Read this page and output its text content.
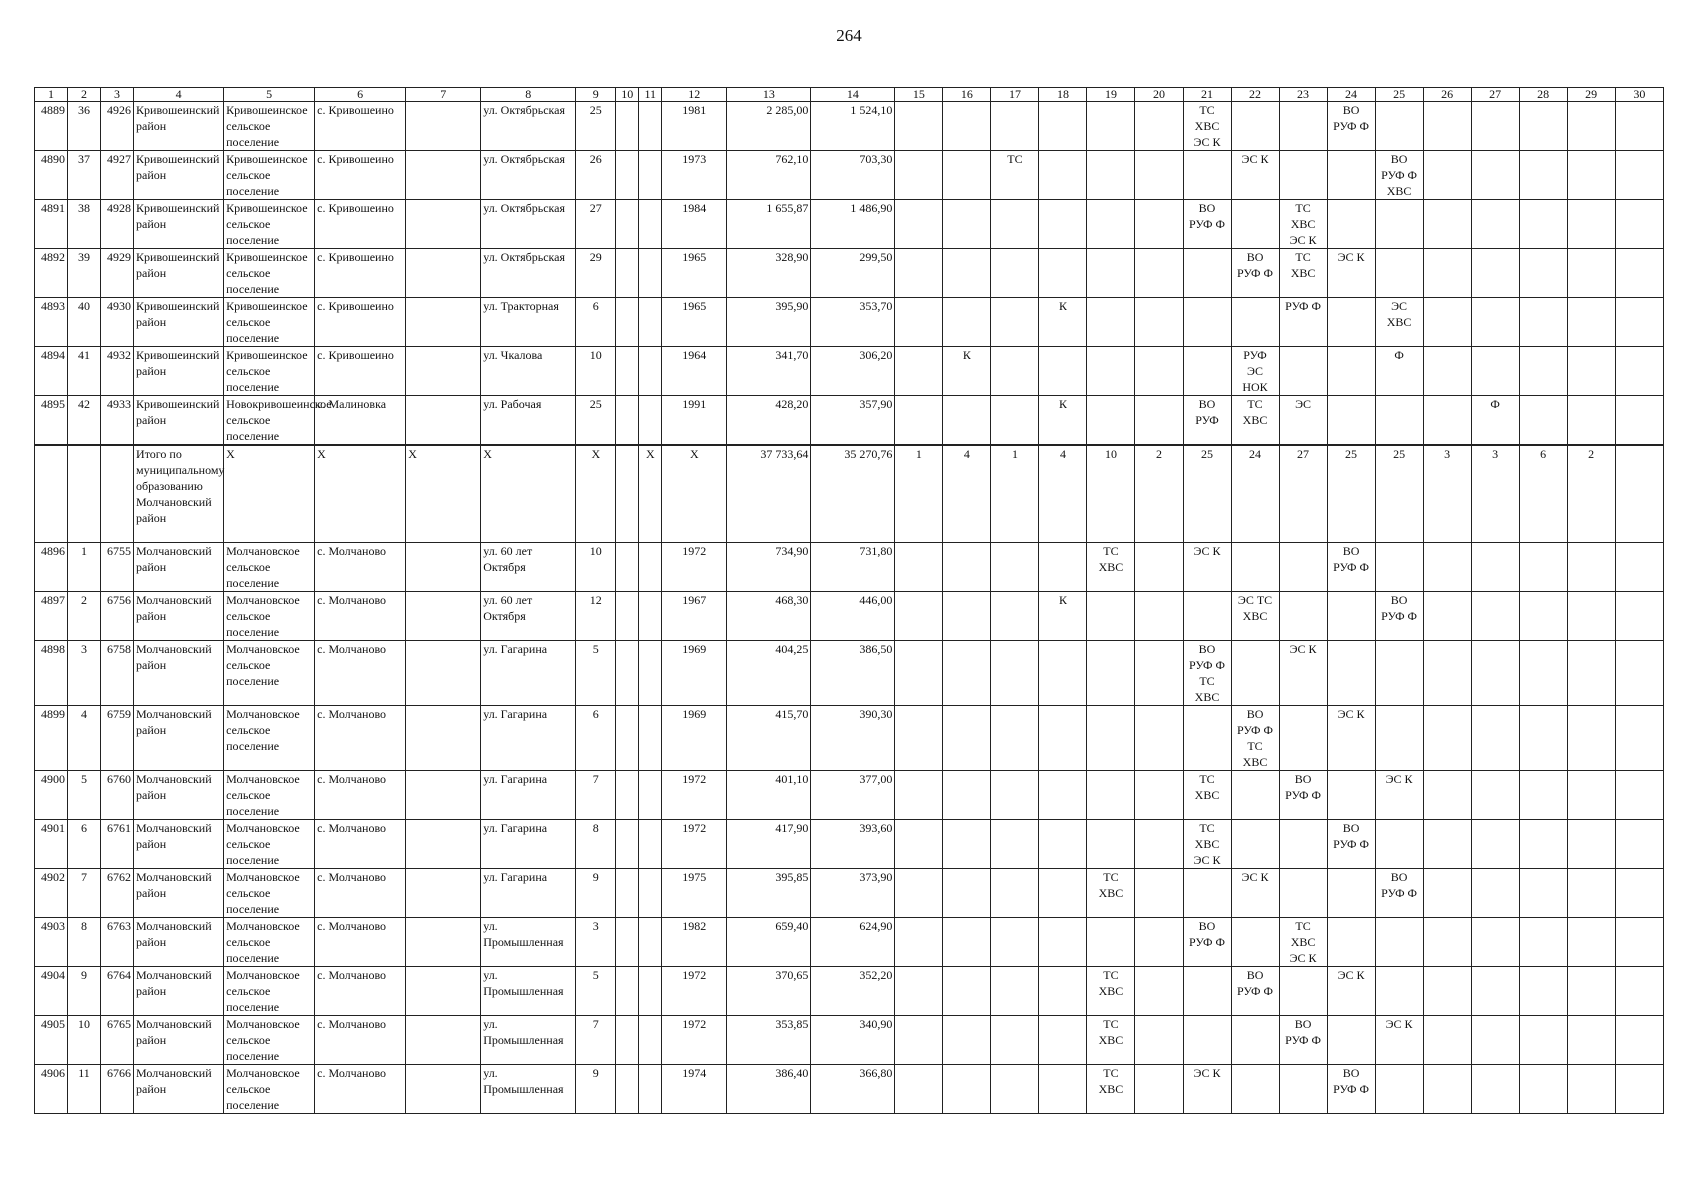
264
1	2	3	4	5	6	7	8	9	10	11	12	13	14	15	16	17	18	19	20	21	22	23	24	25	26	27	28	29	30
4889	36	4926	Кривошеинский район	Кривошеинское сельское поселение	с. Кривошеино		ул. Октябрьская	25			1981	2 285,00	1 524,10							ТС
ХВС
ЭС К			ВО
РУФ Ф						
4890	37	4927	Кривошеинский район	Кривошеинское сельское поселение	с. Кривошеино		ул. Октябрьская	26			1973	762,10	703,30			ТС					ЭС К			ВО
РУФ Ф
ХВС					
4891	38	4928	Кривошеинский район	Кривошеинское сельское поселение	с. Кривошеино		ул. Октябрьская	27			1984	1 655,87	1 486,90							ВО
РУФ Ф		ТС
ХВС
ЭС К							
4892	39	4929	Кривошеинский район	Кривошеинское сельское поселение	с. Кривошеино		ул. Октябрьская	29			1965	328,90	299,50								ВО
РУФ Ф	ТС
ХВС	ЭС К						
4893	40	4930	Кривошеинский район	Кривошеинское сельское поселение	с. Кривошеино		ул. Тракторная	6			1965	395,90	353,70				К					РУФ Ф		ЭС
ХВС					
4894	41	4932	Кривошеинский район	Кривошеинское сельское поселение	с. Кривошеино		ул. Чкалова	10			1964	341,70	306,20		К						РУФ
ЭС
НОК			Ф					
4895	42	4933	Кривошеинский район	Новокривошеинское сельское поселение	с. Малиновка		ул. Рабочая	25			1991	428,20	357,90				К			ВО
РУФ	ТС
ХВС	ЭС				Ф			
			Итого по муниципальному образованию Молчановский район	Х	Х	Х	Х	Х		Х	Х	37 733,64	35 270,76	1	4	1	4	10	2	25	24	27	25	25	3	3	6	2	
4896	1	6755	Молчановский район	Молчановское сельское поселение	с. Молчаново		ул. 60 лет Октября	10			1972	734,90	731,80					ТС
ХВС		ЭС К			ВО
РУФ Ф						
4897	2	6756	Молчановский район	Молчановское сельское поселение	с. Молчаново		ул. 60 лет Октября	12			1967	468,30	446,00				К				ЭС ТС
ХВС			ВО
РУФ Ф					
4898	3	6758	Молчановский район	Молчановское сельское поселение	с. Молчаново		ул. Гагарина	5			1969	404,25	386,50							ВО
РУФ Ф
ТС
ХВС		ЭС К							
4899	4	6759	Молчановский район	Молчановское сельское поселение	с. Молчаново		ул. Гагарина	6			1969	415,70	390,30								ВО
РУФ Ф
ТС
ХВС		ЭС К						
4900	5	6760	Молчановский район	Молчановское сельское поселение	с. Молчаново		ул. Гагарина	7			1972	401,10	377,00							ТС
ХВС		ВО
РУФ Ф		ЭС К					
4901	6	6761	Молчановский район	Молчановское сельское поселение	с. Молчаново		ул. Гагарина	8			1972	417,90	393,60							ТС
ХВС
ЭС К			ВО
РУФ Ф						
4902	7	6762	Молчановский район	Молчановское сельское поселение	с. Молчаново		ул. Гагарина	9			1975	395,85	373,90					ТС
ХВС			ЭС К			ВО
РУФ Ф					
4903	8	6763	Молчановский район	Молчановское сельское поселение	с. Молчаново		ул. Промышленная	3			1982	659,40	624,90							ВО
РУФ Ф		ТС
ХВС
ЭС К							
4904	9	6764	Молчановский район	Молчановское сельское поселение	с. Молчаново		ул. Промышленная	5			1972	370,65	352,20					ТС
ХВС			ВО
РУФ Ф		ЭС К						
4905	10	6765	Молчановский район	Молчановское сельское поселение	с. Молчаново		ул. Промышленная	7			1972	353,85	340,90					ТС
ХВС				ВО
РУФ Ф		ЭС К					
4906	11	6766	Молчановский район	Молчановское сельское поселение	с. Молчаново		ул. Промышленная	9			1974	386,40	366,80					ТС
ХВС		ЭС К			ВО
РУФ Ф						
